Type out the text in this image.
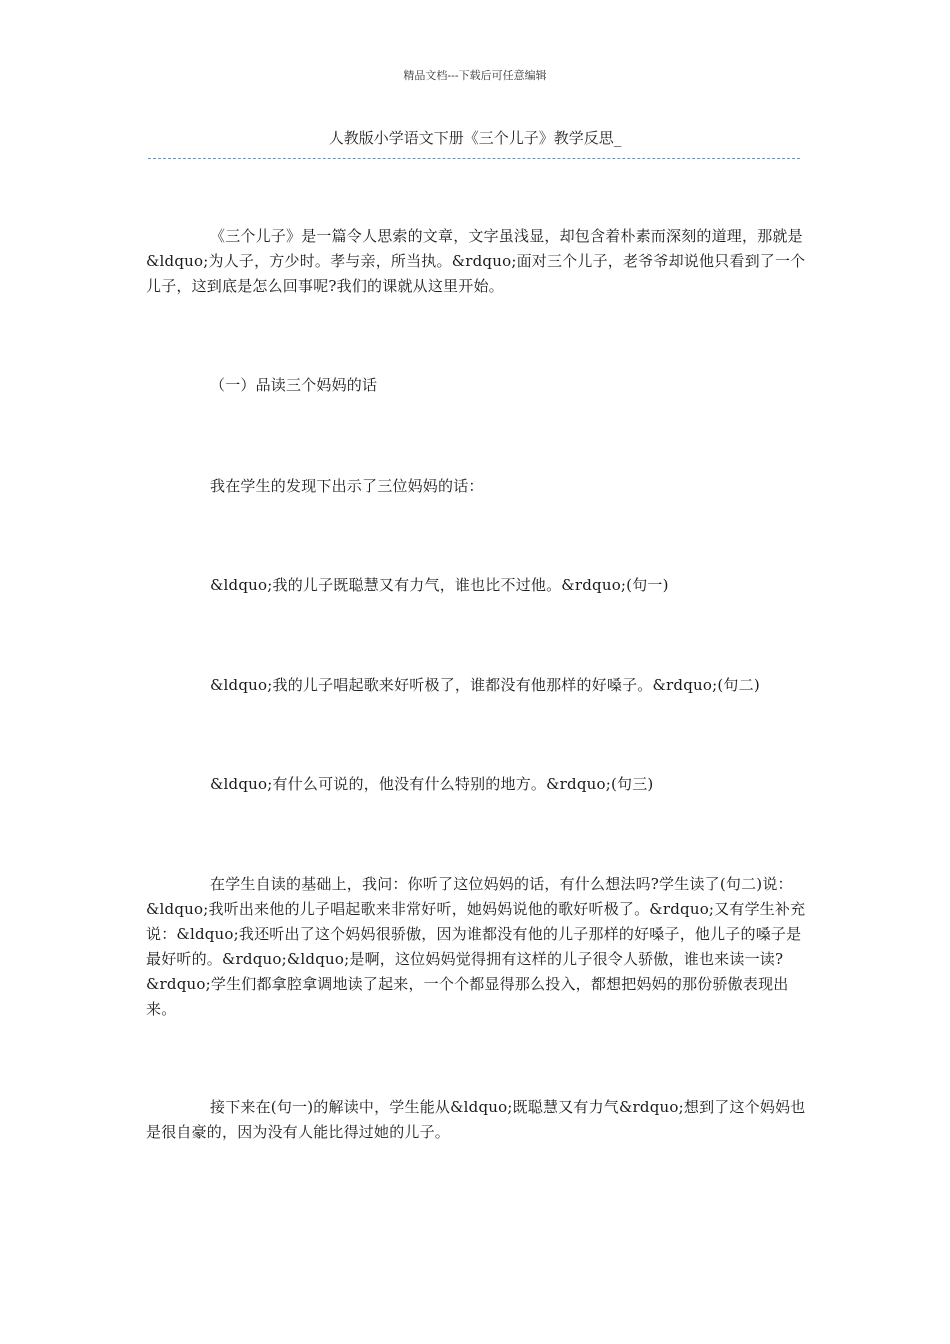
精品文档---下载后可任意编辑
人教版小学语文下册《三个儿子》教学反思_
《三个儿子》是一篇令人思索的文章，文字虽浅显，却包含着朴素而深刻的道理，那就是&ldquo;为人子，方少时。孝与亲，所当执。&rdquo;面对三个儿子，老爷爷却说他只看到了一个儿子，这到底是怎么回事呢?我们的课就从这里开始。
（一）品读三个妈妈的话
我在学生的发现下出示了三位妈妈的话：
&ldquo;我的儿子既聪慧又有力气，谁也比不过他。&rdquo;(句一)
&ldquo;我的儿子唱起歌来好听极了，谁都没有他那样的好嗓子。&rdquo;(句二)
&ldquo;有什么可说的，他没有什么特别的地方。&rdquo;(句三)
在学生自读的基础上，我问：你听了这位妈妈的话，有什么想法吗?学生读了(句二)说：&ldquo;我听出来他的儿子唱起歌来非常好听，她妈妈说他的歌好听极了。&rdquo;又有学生补充说：&ldquo;我还听出了这个妈妈很骄傲，因为谁都没有他的儿子那样的好嗓子，他儿子的嗓子是最好听的。&rdquo;&ldquo;是啊，这位妈妈觉得拥有这样的儿子很令人骄傲，谁也来读一读?&rdquo;学生们都拿腔拿调地读了起来，一个个都显得那么投入，都想把妈妈的那份骄傲表现出来。
接下来在(句一)的解读中，学生能从&ldquo;既聪慧又有力气&rdquo;想到了这个妈妈也是很自豪的，因为没有人能比得过她的儿子。
